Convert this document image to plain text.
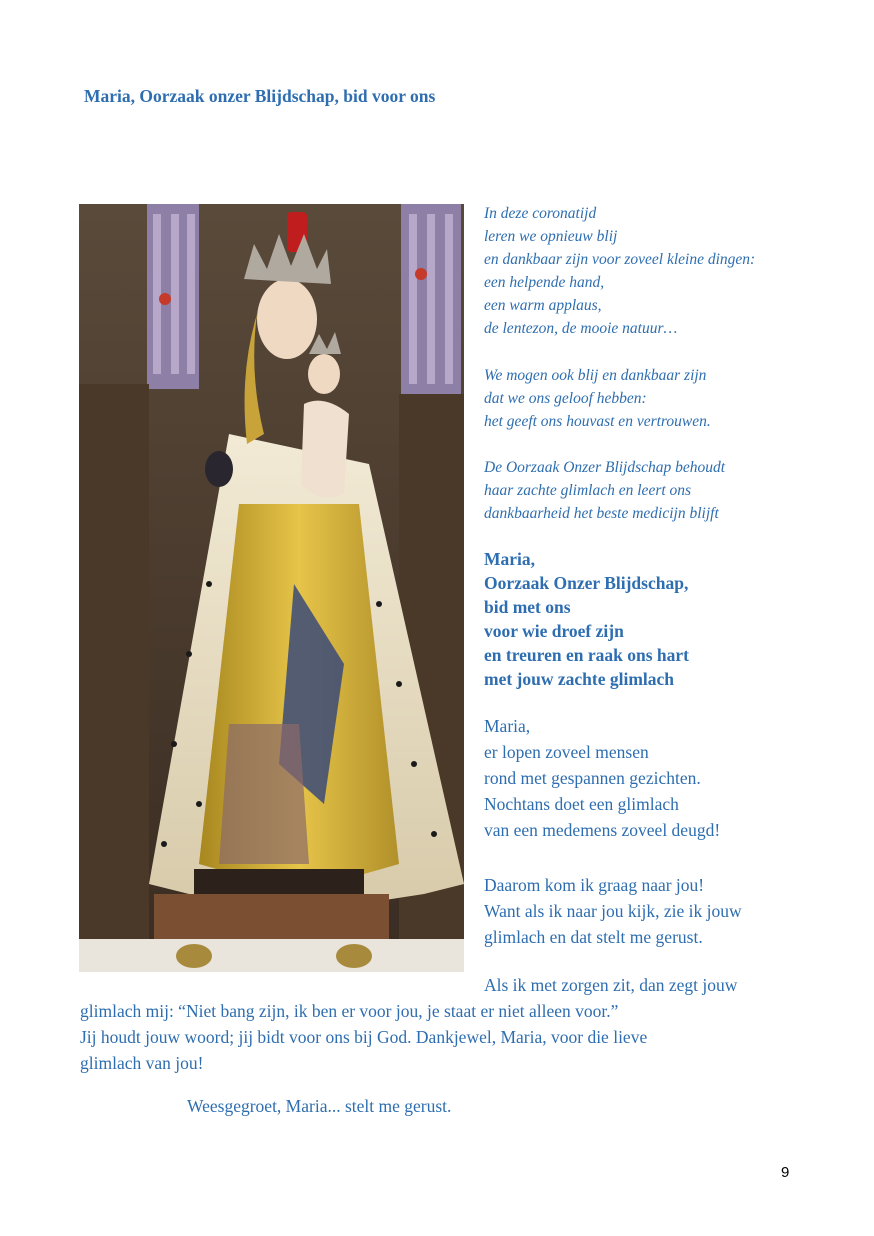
Maria, Oorzaak onzer Blijdschap, bid voor ons
In deze coronatijd
leren we opnieuw blij
en dankbaar zijn voor zoveel kleine dingen:
een helpende hand,
een warm applaus,
de lentezon, de mooie natuur…
We mogen ook blij en dankbaar zijn
dat we ons geloof hebben:
het geeft ons houvast en vertrouwen.
De Oorzaak Onzer Blijdschap behoudt
haar zachte glimlach en leert ons
dankbaarheid het beste medicijn blijft
Maria,
Oorzaak Onzer Blijdschap,
bid met ons
voor wie droef zijn
en treuren en raak ons hart
met jouw zachte glimlach
Maria,
er lopen zoveel mensen
rond met gespannen gezichten.
Nochtans doet een glimlach
van een medemens zoveel deugd!
Daarom kom ik graag naar jou!
Want als ik naar jou kijk, zie ik jouw
glimlach en dat stelt me gerust.
Als ik met zorgen zit, dan zegt jouw
glimlach mij: “Niet bang zijn, ik ben er voor jou, je staat er niet alleen voor.”
Jij houdt jouw woord; jij bidt voor ons bij God. Dankjewel, Maria, voor die lieve
glimlach van jou!
Weesgegroet, Maria... stelt me gerust.
9
